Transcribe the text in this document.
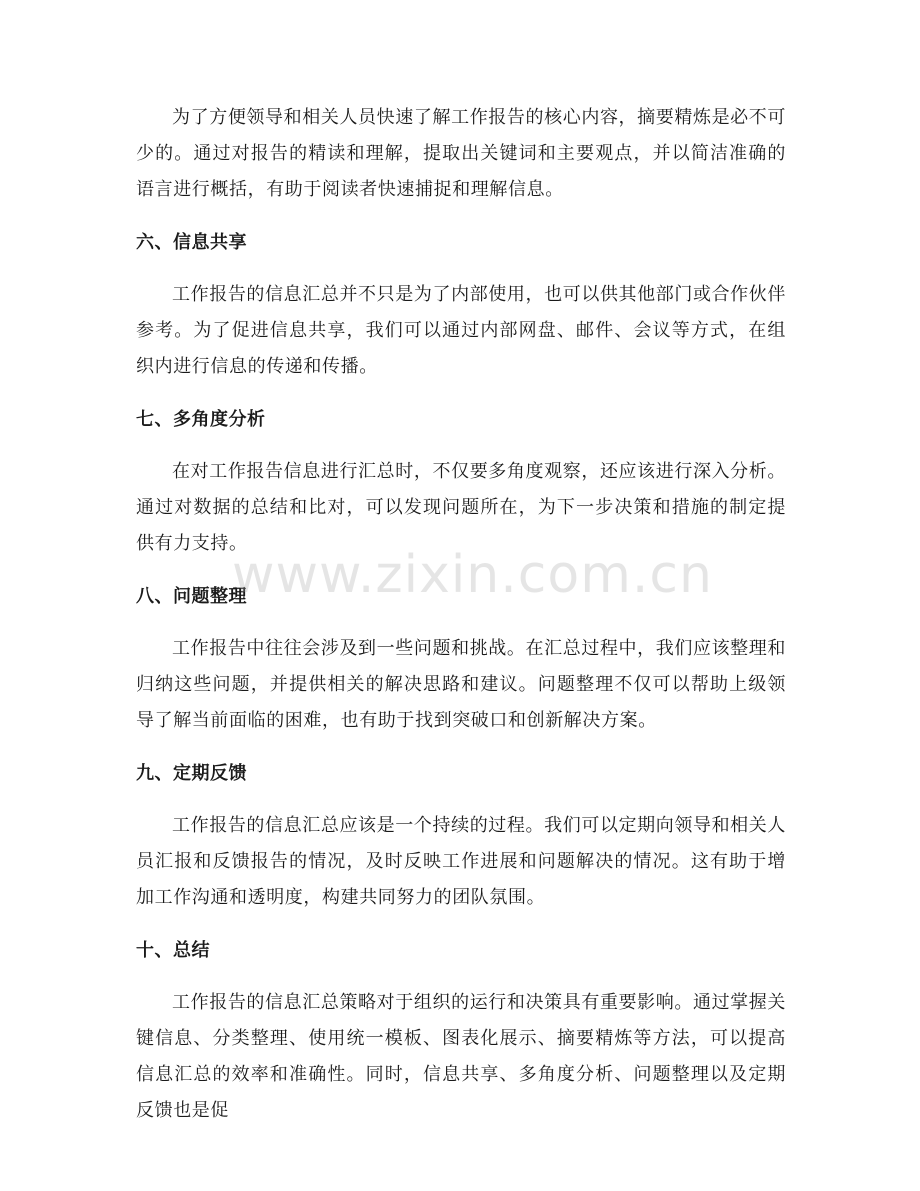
为了方便领导和相关人员快速了解工作报告的核心内容，摘要精炼是必不可少的。通过对报告的精读和理解，提取出关键词和主要观点，并以简洁准确的语言进行概括，有助于阅读者快速捕捉和理解信息。

六、信息共享

工作报告的信息汇总并不只是为了内部使用，也可以供其他部门或合作伙伴参考。为了促进信息共享，我们可以通过内部网盘、邮件、会议等方式，在组织内进行信息的传递和传播。

七、多角度分析

在对工作报告信息进行汇总时，不仅要多角度观察，还应该进行深入分析。通过对数据的总结和比对，可以发现问题所在，为下一步决策和措施的制定提供有力支持。

八、问题整理

工作报告中往往会涉及到一些问题和挑战。在汇总过程中，我们应该整理和归纳这些问题，并提供相关的解决思路和建议。问题整理不仅可以帮助上级领导了解当前面临的困难，也有助于找到突破口和创新解决方案。

九、定期反馈

工作报告的信息汇总应该是一个持续的过程。我们可以定期向领导和相关人员汇报和反馈报告的情况，及时反映工作进展和问题解决的情况。这有助于增加工作沟通和透明度，构建共同努力的团队氛围。

十、总结

工作报告的信息汇总策略对于组织的运行和决策具有重要影响。通过掌握关键信息、分类整理、使用统一模板、图表化展示、摘要精炼等方法，可以提高信息汇总的效率和准确性。同时，信息共享、多角度分析、问题整理以及定期反馈也是促

www.zixin.com.cn
